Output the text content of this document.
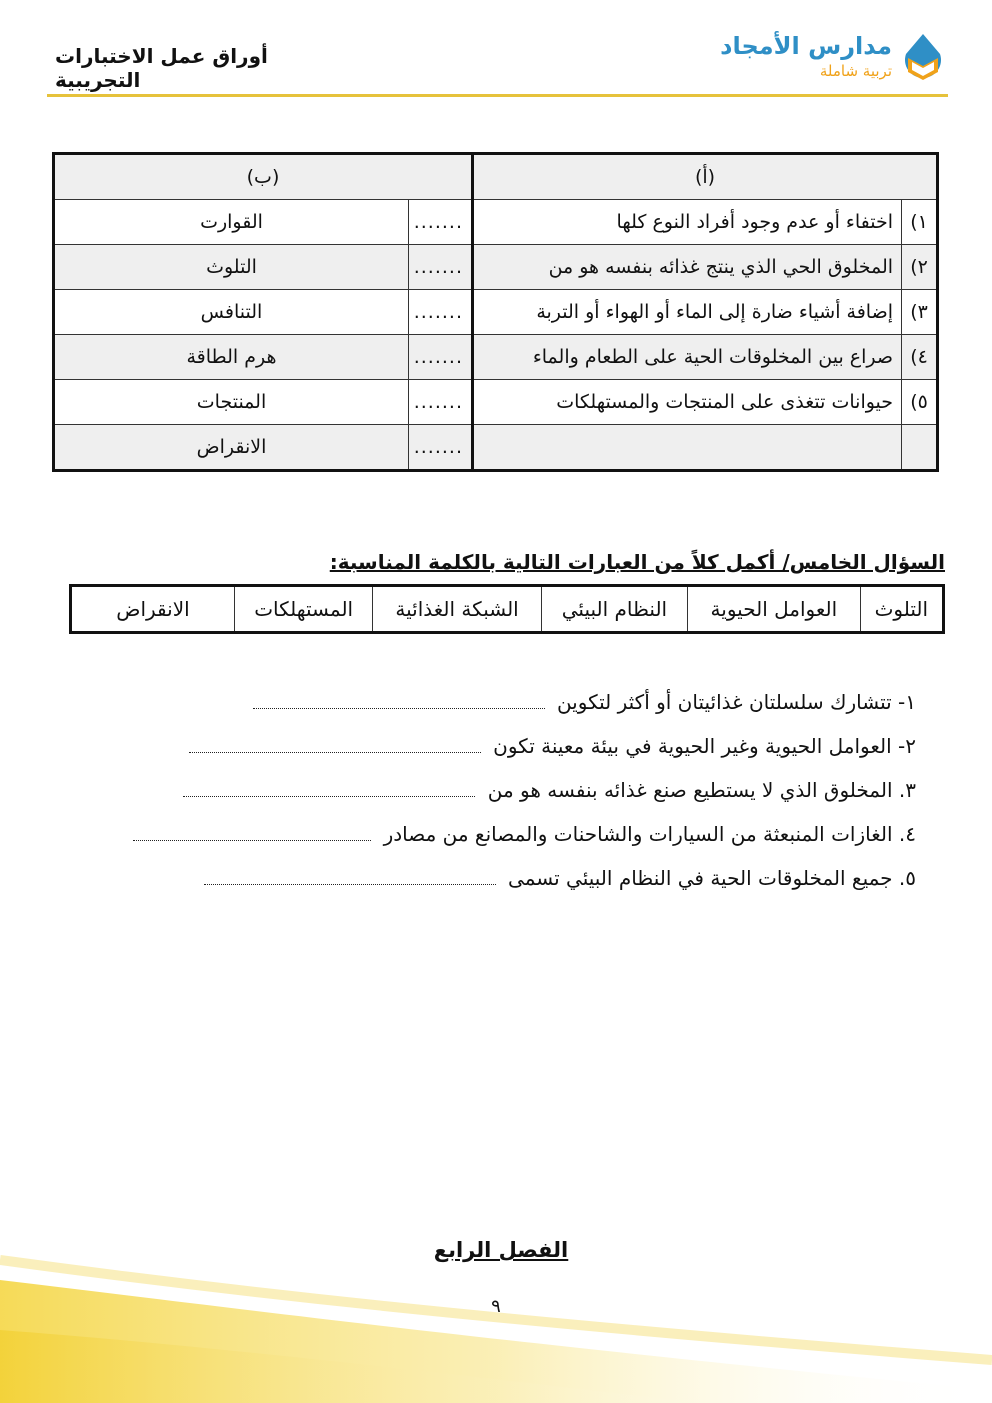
أوراق عمل الاختبارات التجريبية
مدارس الأمجاد
تربية شاملة
(أ)		(ب)	
١)	اختفاء أو عدم وجود أفراد النوع كلها	.......	القوارت
٢)	المخلوق الحي الذي ينتج غذائه بنفسه هو من	.......	التلوث
٣)	إضافة أشياء ضارة إلى الماء أو الهواء أو التربة	.......	التنافس
٤)	صراع بين المخلوقات الحية على الطعام والماء	.......	هرم الطاقة
٥)	حيوانات تتغذى على المنتجات والمستهلكات	.......	المنتجات
		.......	الانقراض
السؤال الخامس/ أكمل كلاً من العبارات التالية بالكلمة المناسبة:
التلوث	العوامل الحيوية	النظام البيئي	الشبكة الغذائية	المستهلكات	الانقراض
١- تتشارك سلسلتان غذائيتان أو أكثر لتكوين
٢- العوامل الحيوية وغير الحيوية في بيئة معينة تكون
٣. المخلوق الذي لا يستطيع صنع غذائه بنفسه هو من
٤. الغازات المنبعثة من السيارات والشاحنات والمصانع من مصادر
٥. جميع المخلوقات الحية في النظام البيئي تسمى
الفصل الرابع
٩
